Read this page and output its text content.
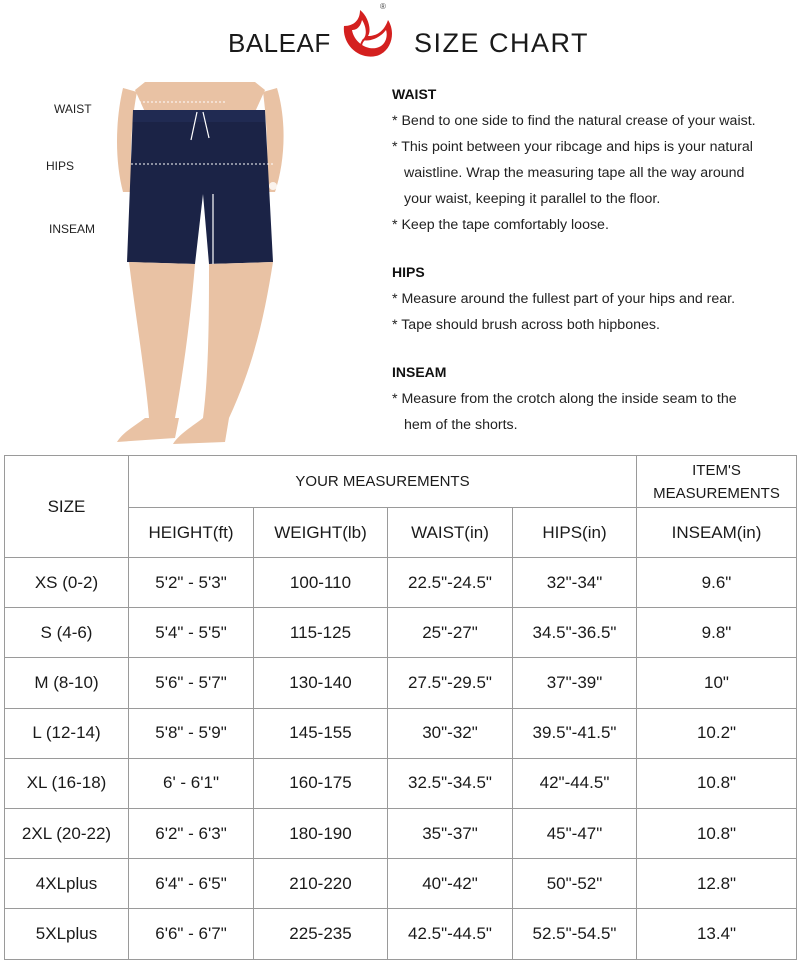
BALEAF
®
SIZE CHART
WAIST
HIPS
INSEAM

WAIST

* Bend to one side to find the natural crease of your waist.

* This point between your ribcage and hips is your natural
waistline. Wrap the measuring tape all the way around
your waist, keeping it parallel to the floor.

* Keep the tape comfortably loose.

HIPS

* Measure around the fullest part of your hips and rear.

* Tape should brush across both hipbones.

INSEAM

* Measure from the crotch along the inside seam to the
hem of the shorts.

SIZE	YOUR MEASUREMENTS				ITEM'S
MEASUREMENTS
	HEIGHT(ft)	WEIGHT(lb)	WAIST(in)	HIPS(in)	INSEAM(in)
XS (0-2)	5'2" - 5'3"	100-110	22.5"-24.5"	32"-34"	9.6"
S (4-6)	5'4" - 5'5"	115-125	25"-27"	34.5"-36.5"	9.8"
M (8-10)	5'6" - 5'7"	130-140	27.5"-29.5"	37"-39"	10"
L (12-14)	5'8" - 5'9"	145-155	30"-32"	39.5"-41.5"	10.2"
XL (16-18)	6' - 6'1"	160-175	32.5"-34.5"	42"-44.5"	10.8"
2XL (20-22)	6'2" - 6'3"	180-190	35"-37"	45"-47"	10.8"
4XLplus	6'4" - 6'5"	210-220	40"-42"	50"-52"	12.8"
5XLplus	6'6" - 6'7"	225-235	42.5"-44.5"	52.5"-54.5"	13.4"
